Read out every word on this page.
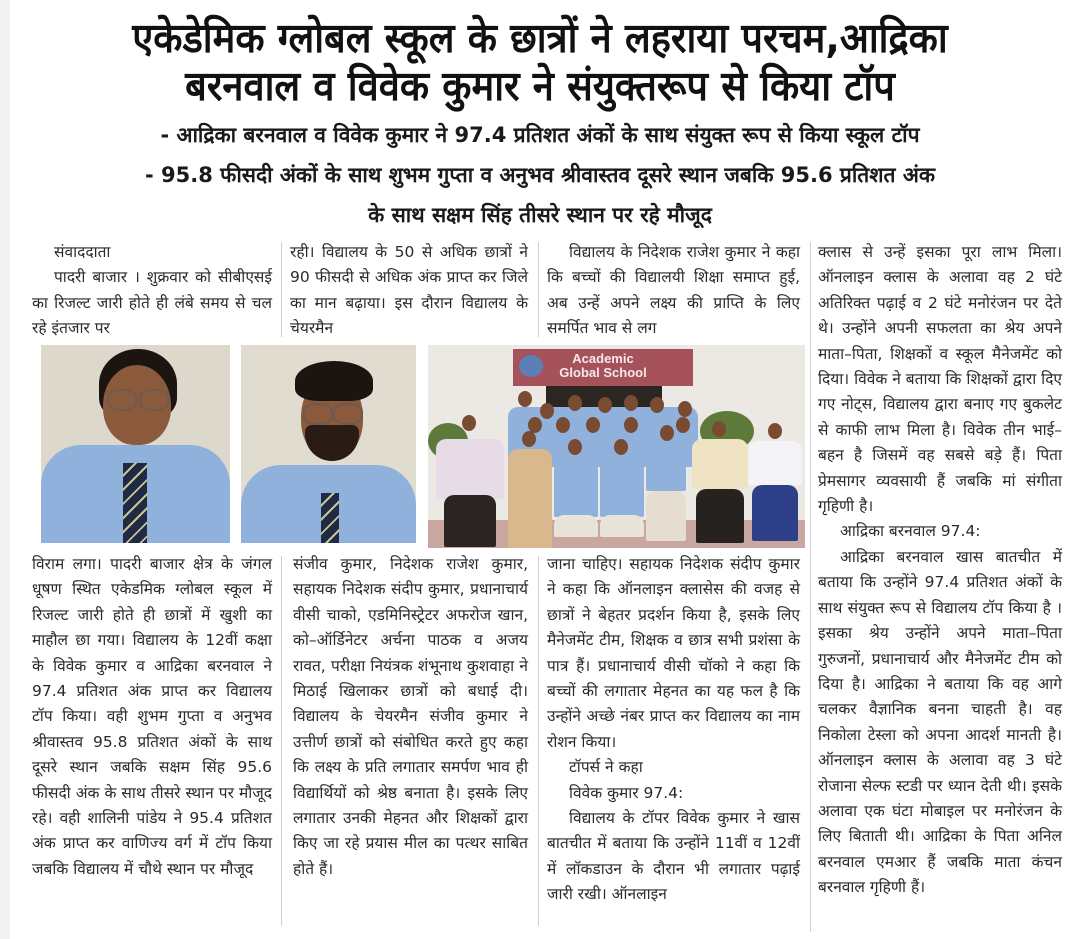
एकेडेमिक ग्लोबल स्कूल के छात्रों ने लहराया परचम,आद्रिका
बरनवाल व विवेक कुमार ने संयुक्तरूप से किया टॉप
- आद्रिका बरनवाल व विवेक कुमार ने 97.4 प्रतिशत अंकों के साथ संयुक्त रूप से किया स्कूल टॉप
- 95.8 फीसदी अंकों के साथ शुभम गुप्ता व अनुभव श्रीवास्तव दूसरे स्थान जबकि 95.6 प्रतिशत अंक
के साथ सक्षम सिंह तीसरे स्थान पर रहे मौजूद

संवाददाता

पादरी बाजार । शुक्रवार को सीबीएसई का रिजल्ट जारी होते ही लंबे समय से चल रहे इंतजार पर

रही। विद्यालय के 50 से अधिक छात्रों ने 90 फीसदी से अधिक अंक प्राप्त कर जिले का मान बढ़ाया। इस दौरान विद्यालय के चेयरमैन

विद्यालय के निदेशक राजेश कुमार ने कहा कि बच्चों की विद्यालयी शिक्षा समाप्त हुई, अब उन्हें अपने लक्ष्य की प्राप्ति के लिए समर्पित भाव से लग

क्लास से उन्हें इसका पूरा लाभ मिला। ऑनलाइन क्लास के अलावा वह 2 घंटे अतिरिक्त पढ़ाई व 2 घंटे मनोरंजन पर देते थे। उन्होंने अपनी सफलता का श्रेय अपने माता–पिता, शिक्षकों व स्कूल मैनेजमेंट को दिया। विवेक ने बताया कि शिक्षकों द्वारा दिए गए नोट्स, विद्यालय द्वारा बनाए गए बुकलेट से काफी लाभ मिला है। विवेक तीन भाई–बहन है जिसमें वह सबसे बड़े हैं। पिता प्रेमसागर व्यवसायी हैं जबकि मां संगीता गृहिणी है।

आद्रिका बरनवाल 97.4:

आद्रिका बरनवाल खास बातचीत में बताया कि उन्होंने 97.4 प्रतिशत अंकों के साथ संयुक्त रूप से विद्यालय टॉप किया है ।इसका श्रेय उन्होंने अपने माता–पिता गुरुजनों, प्रधानाचार्य और मैनेजमेंट टीम को दिया है। आद्रिका ने बताया कि वह आगे चलकर वैज्ञानिक बनना चाहती है। वह निकोला टेस्ला को अपना आदर्श मानती है। ऑनलाइन क्लास के अलावा वह 3 घंटे रोजाना सेल्फ स्टडी पर ध्यान देती थी। इसके अलावा एक घंटा मोबाइल पर मनोरंजन के लिए बिताती थी। आद्रिका के पिता अनिल बरनवाल एमआर हैं जबकि माता कंचन बरनवाल गृहिणी हैं।

Academic
Global School

विराम लगा। पादरी बाजार क्षेत्र के जंगल धूषण स्थित एकेडमिक ग्लोबल स्कूल में रिजल्ट जारी होते ही छात्रों में खुशी का माहौल छा गया। विद्यालय के 12वीं कक्षा के विवेक कुमार व आद्रिका बरनवाल ने 97.4 प्रतिशत अंक प्राप्त कर विद्यालय टॉप किया। वही शुभम गुप्ता व अनुभव श्रीवास्तव 95.8 प्रतिशत अंकों के साथ दूसरे स्थान जबकि सक्षम सिंह 95.6 फीसदी अंक के साथ तीसरे स्थान पर मौजूद रहे। वही शालिनी पांडेय ने 95.4 प्रतिशत अंक प्राप्त कर वाणिज्य वर्ग में टॉप किया जबकि विद्यालय में चौथे स्थान पर मौजूद

संजीव कुमार, निदेशक राजेश कुमार, सहायक निदेशक संदीप कुमार, प्रधानाचार्य वीसी चाको, एडमिनिस्ट्रेटर अफरोज खान, को–ऑर्डिनेटर अर्चना पाठक व अजय रावत, परीक्षा नियंत्रक शंभूनाथ कुशवाहा ने मिठाई खिलाकर छात्रों को बधाई दी। विद्यालय के चेयरमैन संजीव कुमार ने उत्तीर्ण छात्रों को संबोधित करते हुए कहा कि लक्ष्य के प्रति लगातार समर्पण भाव ही विद्यार्थियों को श्रेष्ठ बनाता है। इसके लिए लगातार उनकी मेहनत और शिक्षकों द्वारा किए जा रहे प्रयास मील का पत्थर साबित होते हैं।

जाना चाहिए। सहायक निदेशक संदीप कुमार ने कहा कि ऑनलाइन क्लासेस की वजह से छात्रों ने बेहतर प्रदर्शन किया है, इसके लिए मैनेजमेंट टीम, शिक्षक व छात्र सभी प्रशंसा के पात्र हैं। प्रधानाचार्य वीसी चॉको ने कहा कि बच्चों की लगातार मेहनत का यह फल है कि उन्होंने अच्छे नंबर प्राप्त कर विद्यालय का नाम रोशन किया।

टॉपर्स ने कहा

विवेक कुमार 97.4:

विद्यालय के टॉपर विवेक कुमार ने खास बातचीत में बताया कि उन्होंने 11वीं व 12वीं में लॉकडाउन के दौरान भी लगातार पढ़ाई जारी रखी। ऑनलाइन
